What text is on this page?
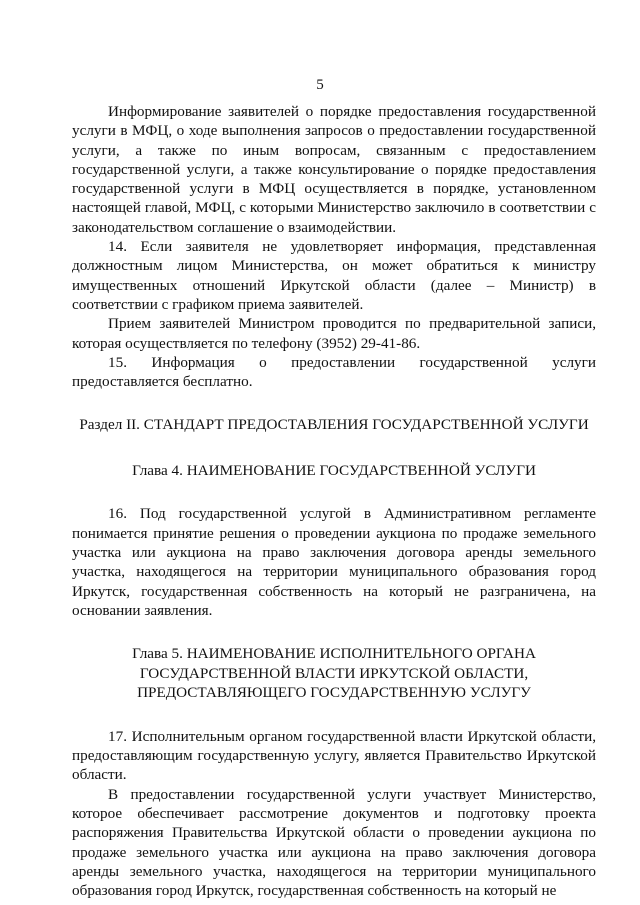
5

Информирование заявителей о порядке предоставления государственной услуги в МФЦ, о ходе выполнения запросов о предоставлении государственной услуги, а также по иным вопросам, связанным с предоставлением государственной услуги, а также консультирование о порядке предоставления государственной услуги в МФЦ осуществляется в порядке, установленном настоящей главой, МФЦ, с которыми Министерство заключило в соответствии с законодательством соглашение о взаимодействии.

14. Если заявителя не удовлетворяет информация, представленная должностным лицом Министерства, он может обратиться к министру имущественных отношений Иркутской области (далее – Министр) в соответствии с графиком приема заявителей.

Прием заявителей Министром проводится по предварительной записи, которая осуществляется по телефону (3952) 29-41-86.

15. Информация о предоставлении государственной услуги предоставляется бесплатно.

Раздел II. СТАНДАРТ ПРЕДОСТАВЛЕНИЯ ГОСУДАРСТВЕННОЙ УСЛУГИ

Глава 4. НАИМЕНОВАНИЕ ГОСУДАРСТВЕННОЙ УСЛУГИ

16. Под государственной услугой в Административном регламенте понимается принятие решения о проведении аукциона по продаже земельного участка или аукциона на право заключения договора аренды земельного участка, находящегося на территории муниципального образования город Иркутск, государственная собственность на который не разграничена, на основании заявления.

Глава 5. НАИМЕНОВАНИЕ ИСПОЛНИТЕЛЬНОГО ОРГАНА ГОСУДАРСТВЕННОЙ ВЛАСТИ ИРКУТСКОЙ ОБЛАСТИ, ПРЕДОСТАВЛЯЮЩЕГО ГОСУДАРСТВЕННУЮ УСЛУГУ

17. Исполнительным органом государственной власти Иркутской области, предоставляющим государственную услугу, является Правительство Иркутской области.

В предоставлении государственной услуги участвует Министерство, которое обеспечивает рассмотрение документов и подготовку проекта распоряжения Правительства Иркутской области о проведении аукциона по продаже земельного участка или аукциона на право заключения договора аренды земельного участка, находящегося на территории муниципального образования город Иркутск, государственная собственность на который не
